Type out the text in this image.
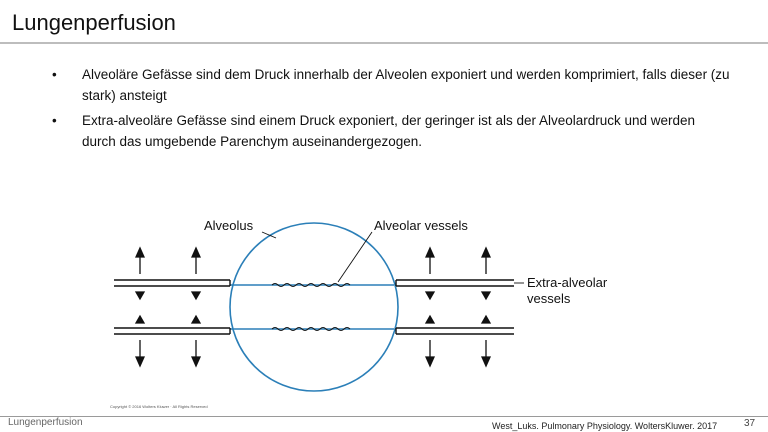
Lungenperfusion
• Alveoläre Gefässe sind dem Druck innerhalb der Alveolen exponiert und werden komprimiert, falls dieser (zu stark) ansteigt
• Extra-alveoläre Gefässe sind einem Druck exponiert, der geringer ist als der Alveolardruck und werden durch das umgebende Parenchym auseinandergezogen.
Alveolus	Alveolar vessels
Extra-alveolar
vessels
Copyright © 2016 Wolters Kluwer · All Rights Reserved
Lungenperfusion	West_Luks. Pulmonary Physiology. WoltersKluwer. 2017	37
